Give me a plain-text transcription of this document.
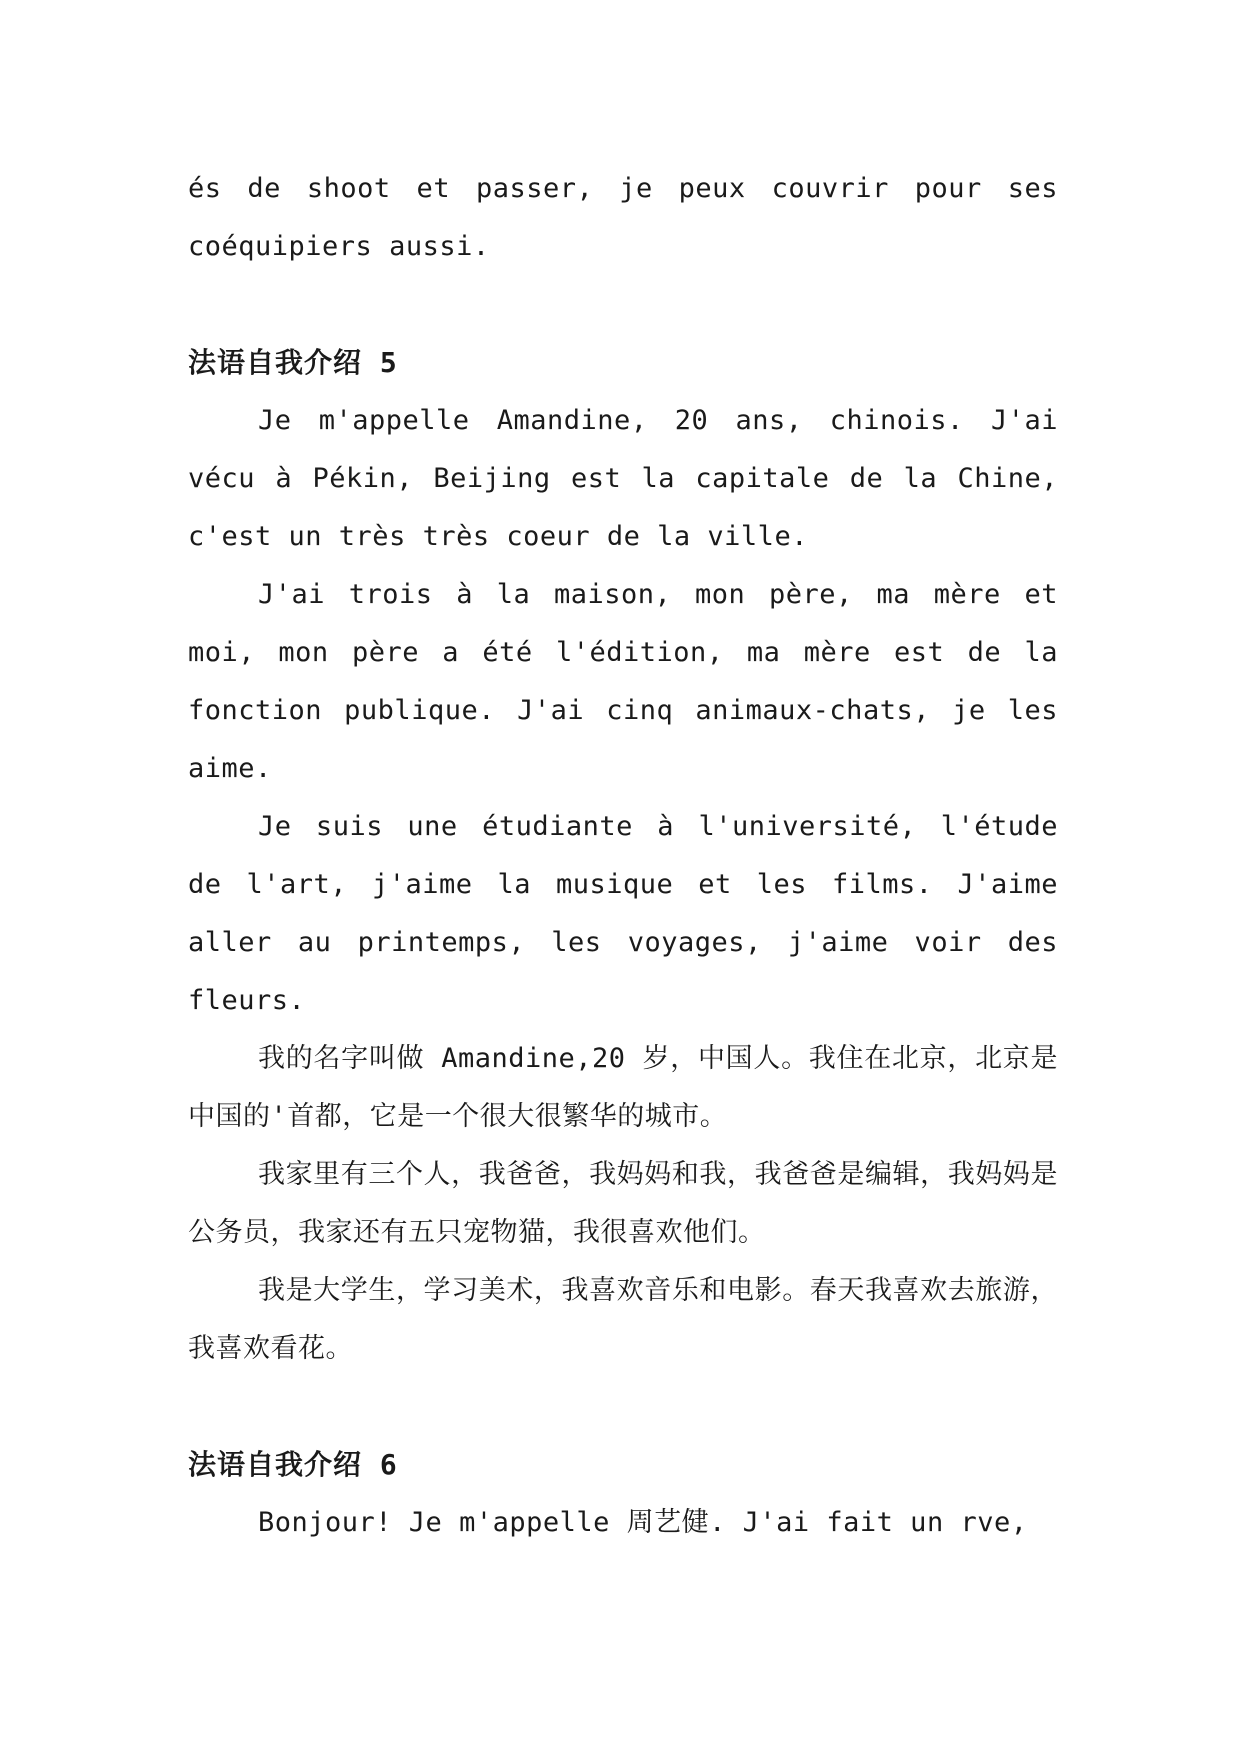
és de shoot et passer, je peux couvrir pour ses coéquipiers aussi.

法语自我介绍 5

Je m'appelle Amandine, 20 ans, chinois. J'ai vécu à Pékin, Beijing est la capitale de la Chine, c'est un très très coeur de la ville.

J'ai trois à la maison, mon père, ma mère et moi, mon père a été l'édition, ma mère est de la fonction publique. J'ai cinq animaux-chats, je les aime.

Je suis une étudiante à l'université, l'étude de l'art, j'aime la musique et les films. J'aime aller au printemps, les voyages, j'aime voir des fleurs.

我的名字叫做 Amandine,20 岁，中国人。我住在北京，北京是中国的'首都，它是一个很大很繁华的城市。

我家里有三个人，我爸爸，我妈妈和我，我爸爸是编辑，我妈妈是公务员，我家还有五只宠物猫，我很喜欢他们。

我是大学生，学习美术，我喜欢音乐和电影。春天我喜欢去旅游，我喜欢看花。

法语自我介绍 6

Bonjour! Je m'appelle 周艺健. J'ai fait un rve,
